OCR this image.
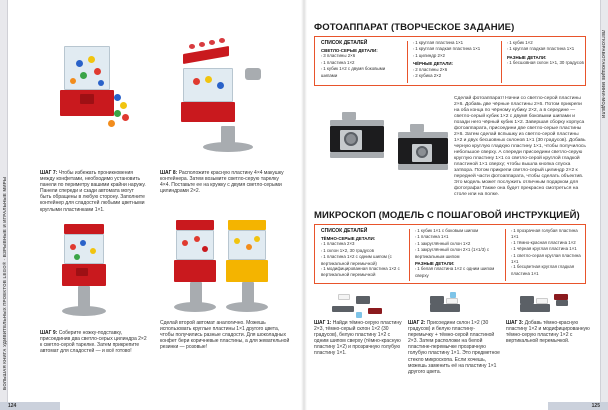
БОЛЬШАЯ КНИГА УДИВИТЕЛЬНЫХ ПРОЕКТОВ LEGO® · ВЗРЫВНЫЕ И ИГРАЛЬНЫЕ МИРЫ
ШАГ 7: Чтобы избежать проникновения между конфетами, необходимо установить панели по периметру вашими крайни наружу. Панели спереди и сзади автомата могут быть обращены в любую сторону. Заполните контейнер для сладостей любыми цветными круглыми пластинками 1×1.
ШАГ 8: Расположите красную пластину 4×4 макушку контейнера. Затем возьмите светло-серую тарелку 4×4. Поставьте ее на кружку с двумя светло-серыми цилиндрами 2×2.
ШАГ 9: Соберите ножку-подставку, присоединив два светло-серых цилиндра 2×2 к светло-серой тарелке. Затем прикрепите автомат для сладостей — и всё готово!
Сделай второй автомат аналогично. Можешь использовать круглые пластины 1×1 другого цвета, чтобы получились разные сладости. Для шоколадных конфет бери коричневые пластины, а для жевательной резинки — розовые!
124
ФОТОАППАРАТ (ТВОРЧЕСКОЕ ЗАДАНИЕ)
СПИСОК ДЕТАЛЕЙ
СВЕТЛО-СЕРЫЕ ДЕТАЛИ:
▪ 3 пластины 2×6
▪ 1 пластина 1×2
▪ 1 кубик 1×2 с двумя боковыми шипами
▪ 1 круглая пластина 1×1
▪ 1 круглая гладкая пластина 1×1
▪ 1 цилиндр 2×2
ЧЁРНЫЕ ДЕТАЛИ:
▪ 2 пластины 2×6
▪ 2 кубика 2×2
▪ 1 кубик 1×2
▪ 1 круглая гладкая пластина 1×1
РАЗНЫЕ ДЕТАЛИ:
▪ 1 бесшовная склон 1×1, 30 градусов
Сделай фотоаппарат! Начни со светло-серой пластины 2×6. Добавь две чёрные пластины 2×6. Потом прикрепи на оба конца по чёрному кубику 2×2, а в середине — светло-серый кубик 1×2 с двумя боковыми шипами и позади него чёрный кубик 1×2. Завершая сборку корпуса фотоаппарата, присоедини две светло-серые пластины 2×6. Затем сделай вспышку из светло-серой пластины 1×2 и двух бесшовных склонов 1×1 (30 градусов). Добавь черную круглую гладкую пластину 1×1, чтобы получилось небольшое сверху. А спереди присоедини светло-серую круглую пластину 1×1 со светло-серой круглой гладкой пластиной 1×1 сверху; чтобы вышла кнопка спуска затвора. Потом прикрепи светло-серый цилиндр 2×2 к передней части фотоаппарата, чтобы сделать объектив. Это модель может послужить отличным подарком для фотографа! Также она будет прекрасно смотреться на столе или на полке.
МИКРОСКОП (МОДЕЛЬ С ПОШАГОВОЙ ИНСТРУКЦИЕЙ)
СПИСОК ДЕТАЛЕЙ
ТЁМНО-СЕРЫЕ ДЕТАЛИ:
▪ 1 пластина 2×3
▪ 1 склон 1×2, 30 градусов
▪ 1 пластина 1×2 с одним шипом (с вертикальной перемычкой)
▪ 1 модифицированная пластина 1×2 с вертикальной перемычкой
▪ 1 кубик 1×1 с боковым шипом
▪ 1 пластина 1×1
▪ 1 закруглённый склон 1×2
▪ 1 закруглённый склон 2×1 (1×1/3) с вертикальным шипом
РАЗНЫЕ ДЕТАЛИ:
▪ 1 белая пластина 1×2 с одним шипом сверху
▪ 1 прозрачная голубая пластина 1×1
▪ 1 тёмно-красная пластина 1×2
▪ 1 чёрная круглая пластина 1×1
▪ 1 светло-серая круглая пластина 1×1
▪ 1 бесцветная круглая гладкая пластина 1×1
ШАГ 1: Найди тёмно-серую пластину 2×3, тёмно-серый склон 1×2 (30 градусов), белую пластину 1×2 с одним шипом сверху (тёмно-красную пластину 1×2) и прозрачную голубую пластину 1×1.
ШАГ 2: Присоедини склон 1×2 (30 градусов) и белую пластину-перемычку + тёмно-серой пластиной 2×3. Затем расположи на белой пластине-перемычке прозрачную голубую пластину 1×1. Это предметное стекло микроскопа. Если хочешь, можешь заменить её на пластину 1×1 другого цвета.
ШАГ 3: Добавь тёмно-красную пластину 1×2 и модифицированную тёмно-серую пластину 1×2 с вертикальной перемычкой.
125
ЛЕГКОРАБОТАЮЩИЕ МИНИ-МОДЕЛИ
